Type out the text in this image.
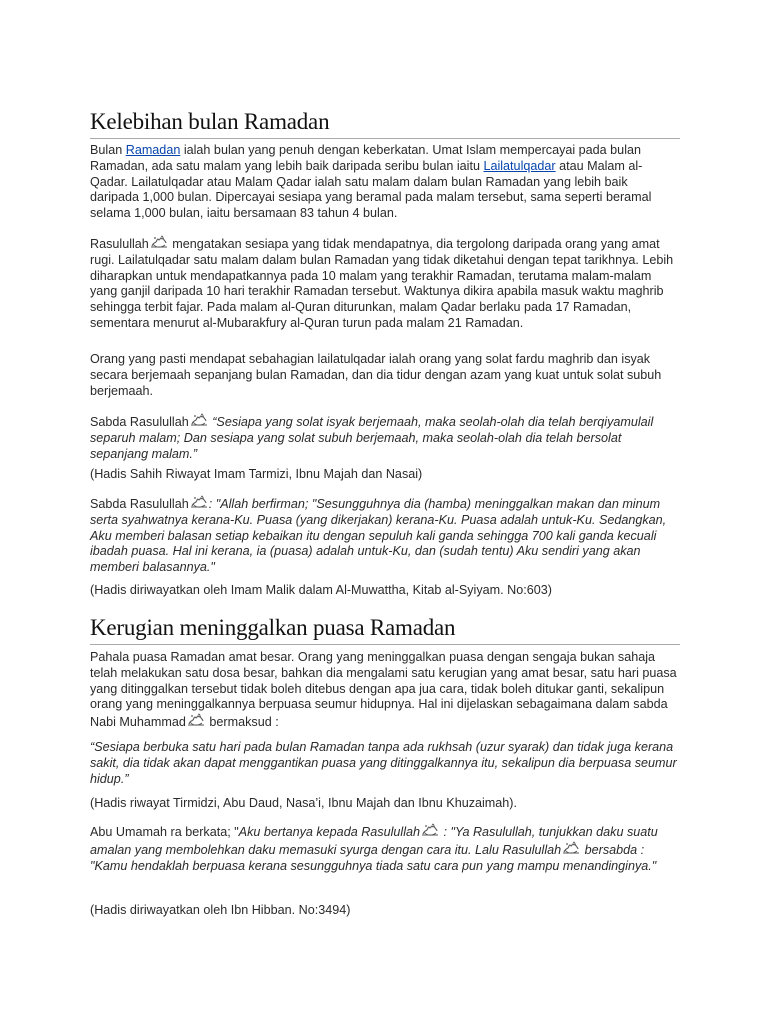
Kelebihan bulan Ramadan

Bulan Ramadan ialah bulan yang penuh dengan keberkatan. Umat Islam mempercayai pada bulan Ramadan, ada satu malam yang lebih baik daripada seribu bulan iaitu Lailatulqadar atau Malam al-Qadar. Lailatulqadar atau Malam Qadar ialah satu malam dalam bulan Ramadan yang lebih baik daripada 1,000 bulan. Dipercayai sesiapa yang beramal pada malam tersebut, sama seperti beramal selama 1,000 bulan, iaitu bersamaan 83 tahun 4 bulan.

Rasulullah
mengatakan sesiapa yang tidak mendapatnya, dia tergolong daripada orang yang amat rugi. Lailatulqadar satu malam dalam bulan Ramadan yang tidak diketahui dengan tepat tarikhnya. Lebih diharapkan untuk mendapatkannya pada 10 malam yang terakhir Ramadan, terutama malam-malam yang ganjil daripada 10 hari terakhir Ramadan tersebut. Waktunya dikira apabila masuk waktu maghrib sehingga terbit fajar. Pada malam al-Quran diturunkan, malam Qadar berlaku pada 17 Ramadan, sementara menurut al-Mubarakfury al-Quran turun pada malam 21 Ramadan.

Orang yang pasti mendapat sebahagian lailatulqadar ialah orang yang solat fardu maghrib dan isyak secara berjemaah sepanjang bulan Ramadan, dan dia tidur dengan azam yang kuat untuk solat subuh berjemaah.

Sabda Rasulullah
“Sesiapa yang solat isyak berjemaah, maka seolah-olah dia telah berqiyamulail separuh malam; Dan sesiapa yang solat subuh berjemaah, maka seolah-olah dia telah bersolat sepanjang malam.”

(Hadis Sahih Riwayat Imam Tarmizi, Ibnu Majah dan Nasai)

Sabda Rasulullah : "Allah berfirman; "Sesungguhnya dia (hamba) meninggalkan makan dan minum serta syahwatnya kerana-Ku. Puasa (yang dikerjakan) kerana-Ku. Puasa adalah untuk-Ku. Sedangkan, Aku memberi balasan setiap kebaikan itu dengan sepuluh kali ganda sehingga 700 kali ganda kecuali ibadah puasa. Hal ini kerana, ia (puasa) adalah untuk-Ku, dan (sudah tentu) Aku sendiri yang akan memberi balasannya."

(Hadis diriwayatkan oleh Imam Malik dalam Al-Muwattha, Kitab al-Syiyam. No:603)

Kerugian meninggalkan puasa Ramadan

Pahala puasa Ramadan amat besar. Orang yang meninggalkan puasa dengan sengaja bukan sahaja telah melakukan satu dosa besar, bahkan dia mengalami satu kerugian yang amat besar, satu hari puasa yang ditinggalkan tersebut tidak boleh ditebus dengan apa jua cara, tidak boleh ditukar ganti, sekalipun orang yang meninggalkannya berpuasa seumur hidupnya. Hal ini dijelaskan sebagaimana dalam sabda Nabi Muhammad
bermaksud :

“Sesiapa berbuka satu hari pada bulan Ramadan tanpa ada rukhsah (uzur syarak) dan tidak juga kerana sakit, dia tidak akan dapat menggantikan puasa yang ditinggalkannya itu, sekalipun dia berpuasa seumur hidup.”

(Hadis riwayat Tirmidzi, Abu Daud, Nasa’i, Ibnu Majah dan Ibnu Khuzaimah).

Abu Umamah ra berkata; "Aku bertanya kepada Rasulullah
: "Ya Rasulullah, tunjukkan daku suatu amalan yang membolehkan daku memasuki syurga dengan cara itu. Lalu Rasulullah
bersabda : "Kamu hendaklah berpuasa kerana sesungguhnya tiada satu cara pun yang mampu menandinginya."

(Hadis diriwayatkan oleh Ibn Hibban. No:3494)
